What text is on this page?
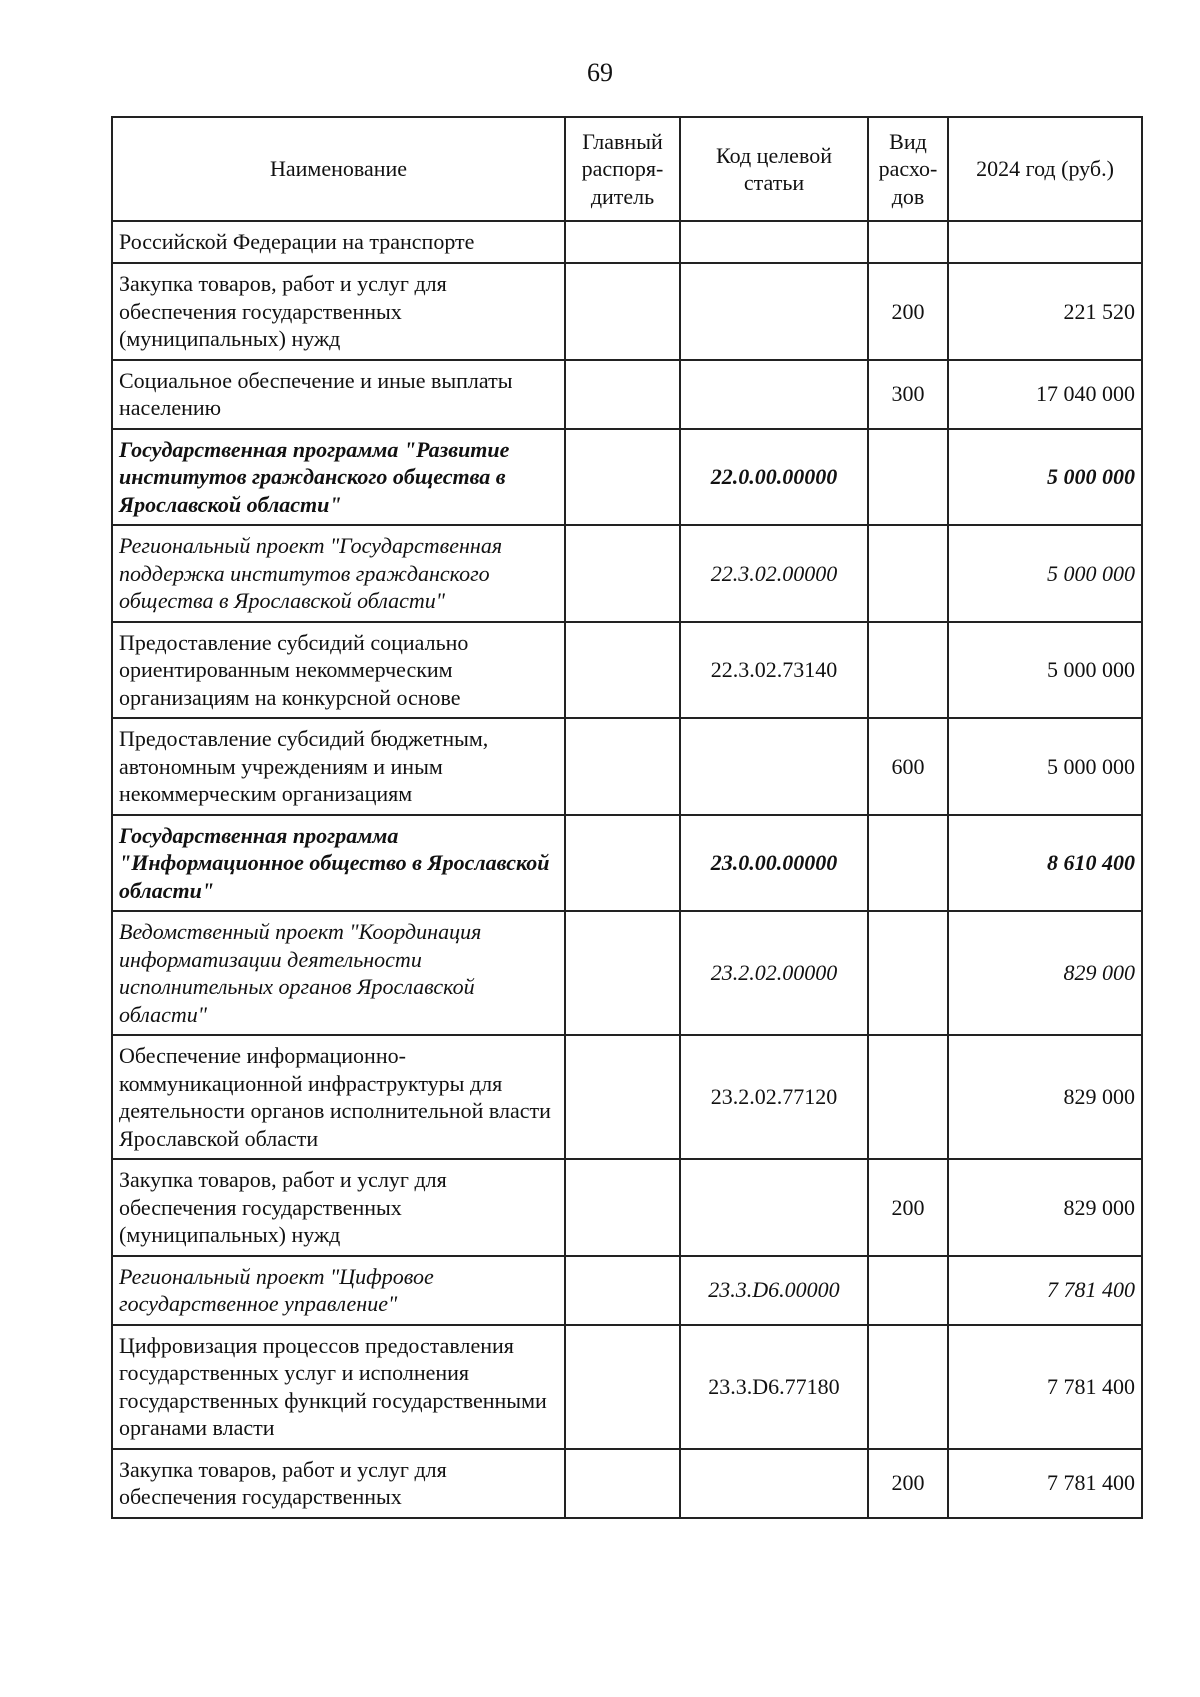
69
Наименование	Главный распоря-дитель	Код целевой статьи	Вид расхо-дов	2024 год (руб.)
Российской Федерации на транспорте				
Закупка товаров, работ и услуг для обеспечения государственных (муниципальных) нужд			200	221 520
Социальное обеспечение и иные выплаты населению			300	17 040 000
Государственная программа "Развитие институтов гражданского общества в Ярославской области"		22.0.00.00000		5 000 000
Региональный проект "Государственная поддержка институтов гражданского общества в Ярославской области"		22.3.02.00000		5 000 000
Предоставление субсидий социально ориентированным некоммерческим организациям на конкурсной основе		22.3.02.73140		5 000 000
Предоставление субсидий бюджетным, автономным учреждениям и иным некоммерческим организациям			600	5 000 000
Государственная программа "Информационное общество в Ярославской области"		23.0.00.00000		8 610 400
Ведомственный проект "Координация информатизации деятельности исполнительных органов Ярославской области"		23.2.02.00000		829 000
Обеспечение информационно-коммуникационной инфраструктуры для деятельности органов исполнительной власти Ярославской области		23.2.02.77120		829 000
Закупка товаров, работ и услуг для обеспечения государственных (муниципальных) нужд			200	829 000
Региональный проект "Цифровое государственное управление"		23.3.D6.00000		7 781 400
Цифровизация процессов предоставления государственных услуг и исполнения государственных функций государственными органами власти		23.3.D6.77180		7 781 400
Закупка товаров, работ и услуг для обеспечения государственных			200	7 781 400
